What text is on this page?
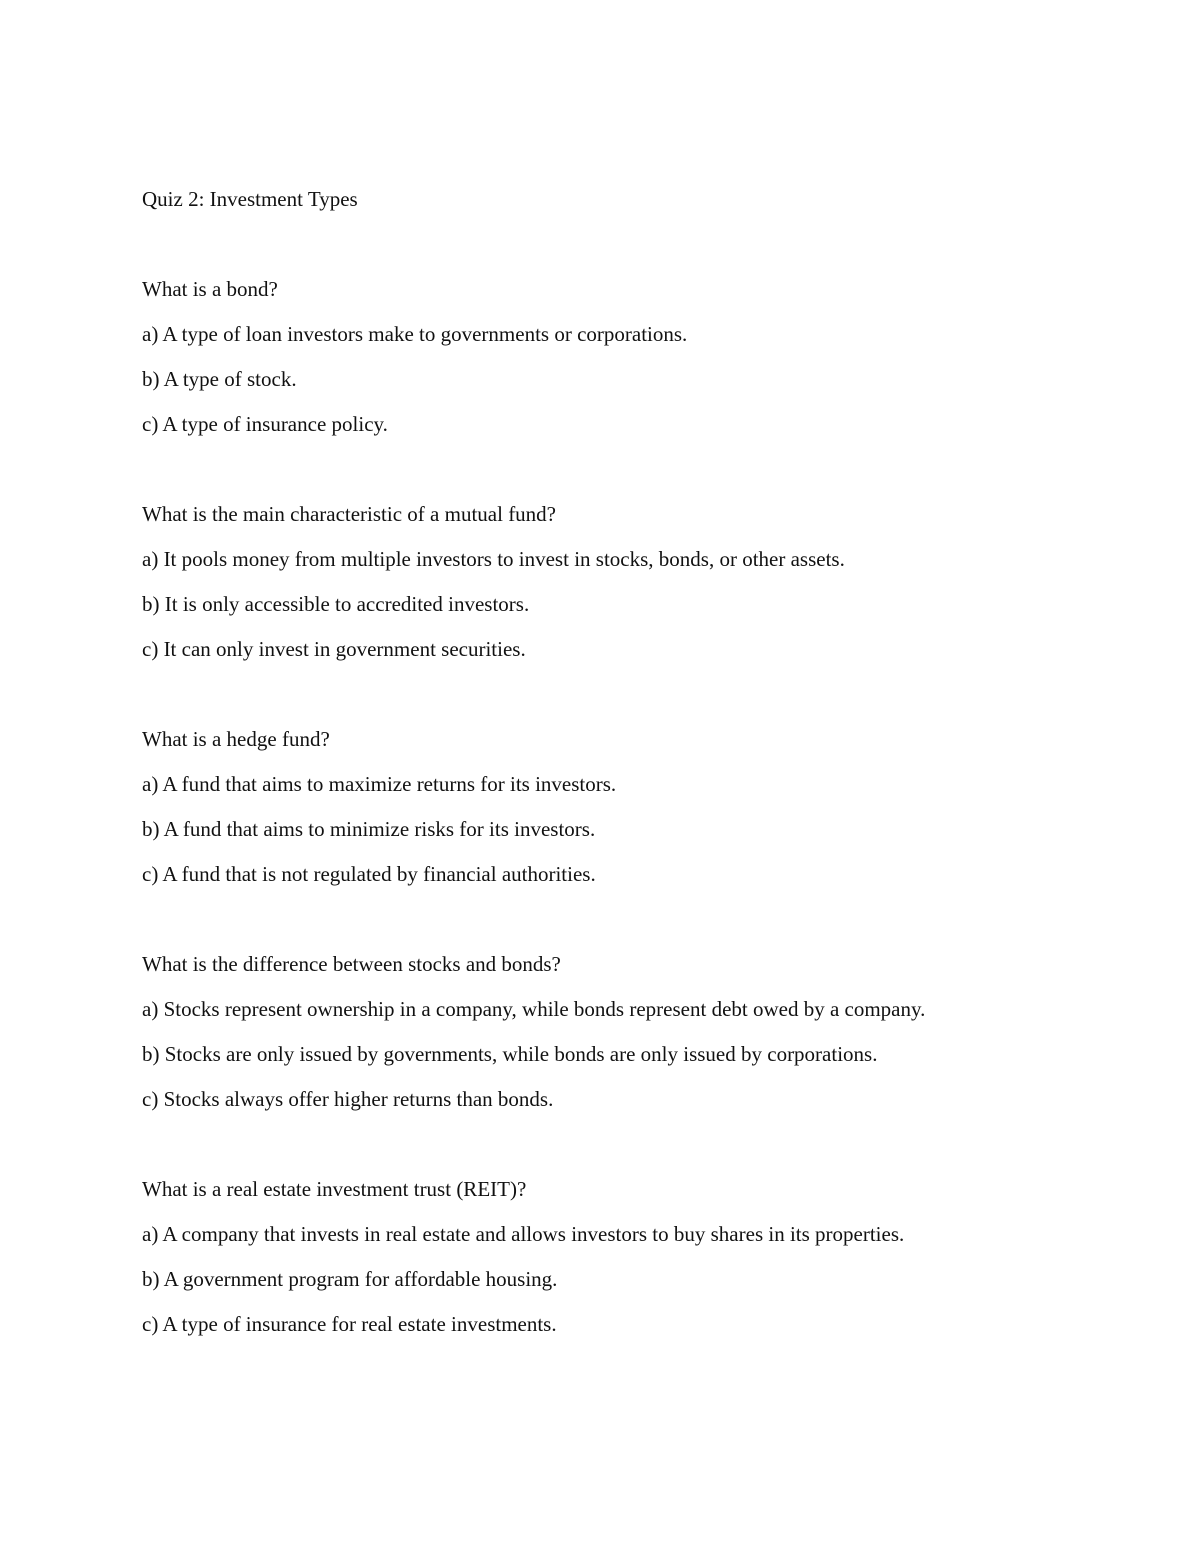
Quiz 2: Investment Types

What is a bond?

a) A type of loan investors make to governments or corporations.

b) A type of stock.

c) A type of insurance policy.

What is the main characteristic of a mutual fund?

a) It pools money from multiple investors to invest in stocks, bonds, or other assets.

b) It is only accessible to accredited investors.

c) It can only invest in government securities.

What is a hedge fund?

a) A fund that aims to maximize returns for its investors.

b) A fund that aims to minimize risks for its investors.

c) A fund that is not regulated by financial authorities.

What is the difference between stocks and bonds?

a) Stocks represent ownership in a company, while bonds represent debt owed by a company.

b) Stocks are only issued by governments, while bonds are only issued by corporations.

c) Stocks always offer higher returns than bonds.

What is a real estate investment trust (REIT)?

a) A company that invests in real estate and allows investors to buy shares in its properties.

b) A government program for affordable housing.

c) A type of insurance for real estate investments.
